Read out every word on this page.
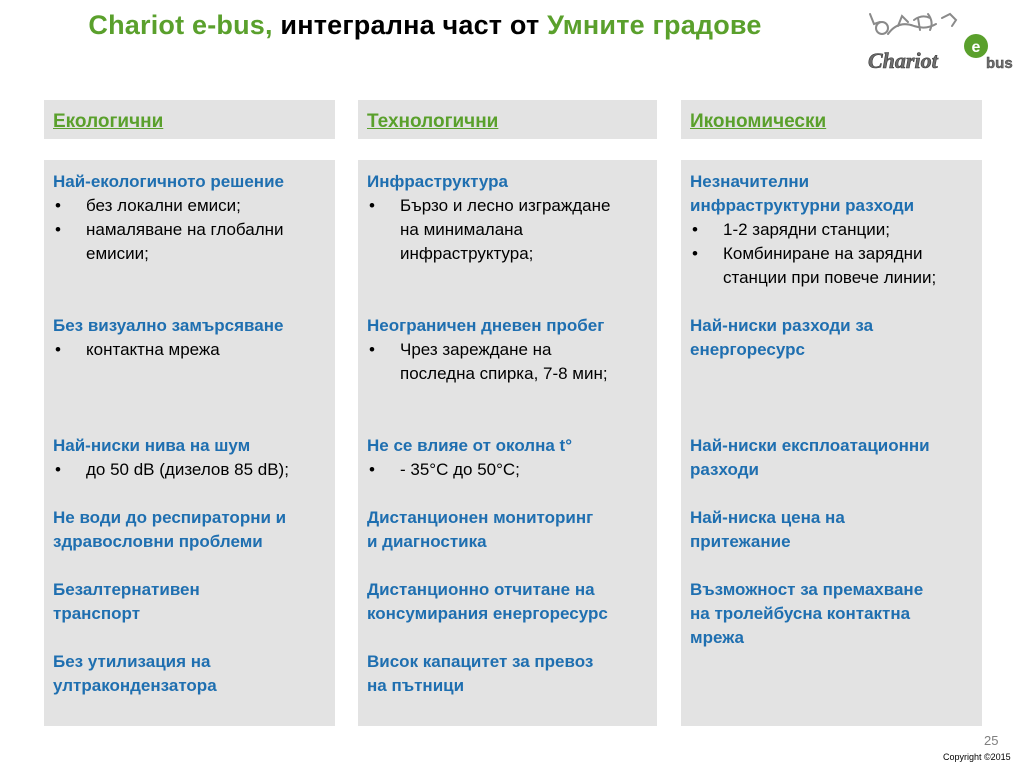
Chariot e-bus, интегрална част от Умните градове
e
Chariot	bus
Екологични	Технологични	Икономически
Най-екологичното решение
• без локални емиси;
• намаляване на глобални
емисии;
Без визуално замърсяване
• контактна мрежа
Най-ниски нива на шум
• до 50 dB (дизелов 85 dB);
Не води до респираторни и
здравословни проблеми
Безалтернативен
транспорт
Без утилизация на
ултракондензатора
Инфраструктура
• Бързо и лесно изграждане
на минималана
инфраструктура;
Неограничен дневен пробег
• Чрез зареждане на
последна спирка, 7-8 мин;
Не се влияе от околна t°
• - 35°C до 50°C;
Дистанционен мониторинг
и диагностика
Дистанционно отчитане на
консумирания енергоресурс
Висок капацитет за превоз
на пътници
Незначителни
инфраструктурни разходи
• 1-2 зарядни станции;
• Комбиниране на зарядни
станции при повече линии;
Най-ниски разходи за
енергоресурс
Най-ниски експлоатационни
разходи
Най-ниска цена на
притежание
Възможност за премахване
на тролейбусна контактна
мрежа
25
Copyright ©2015
